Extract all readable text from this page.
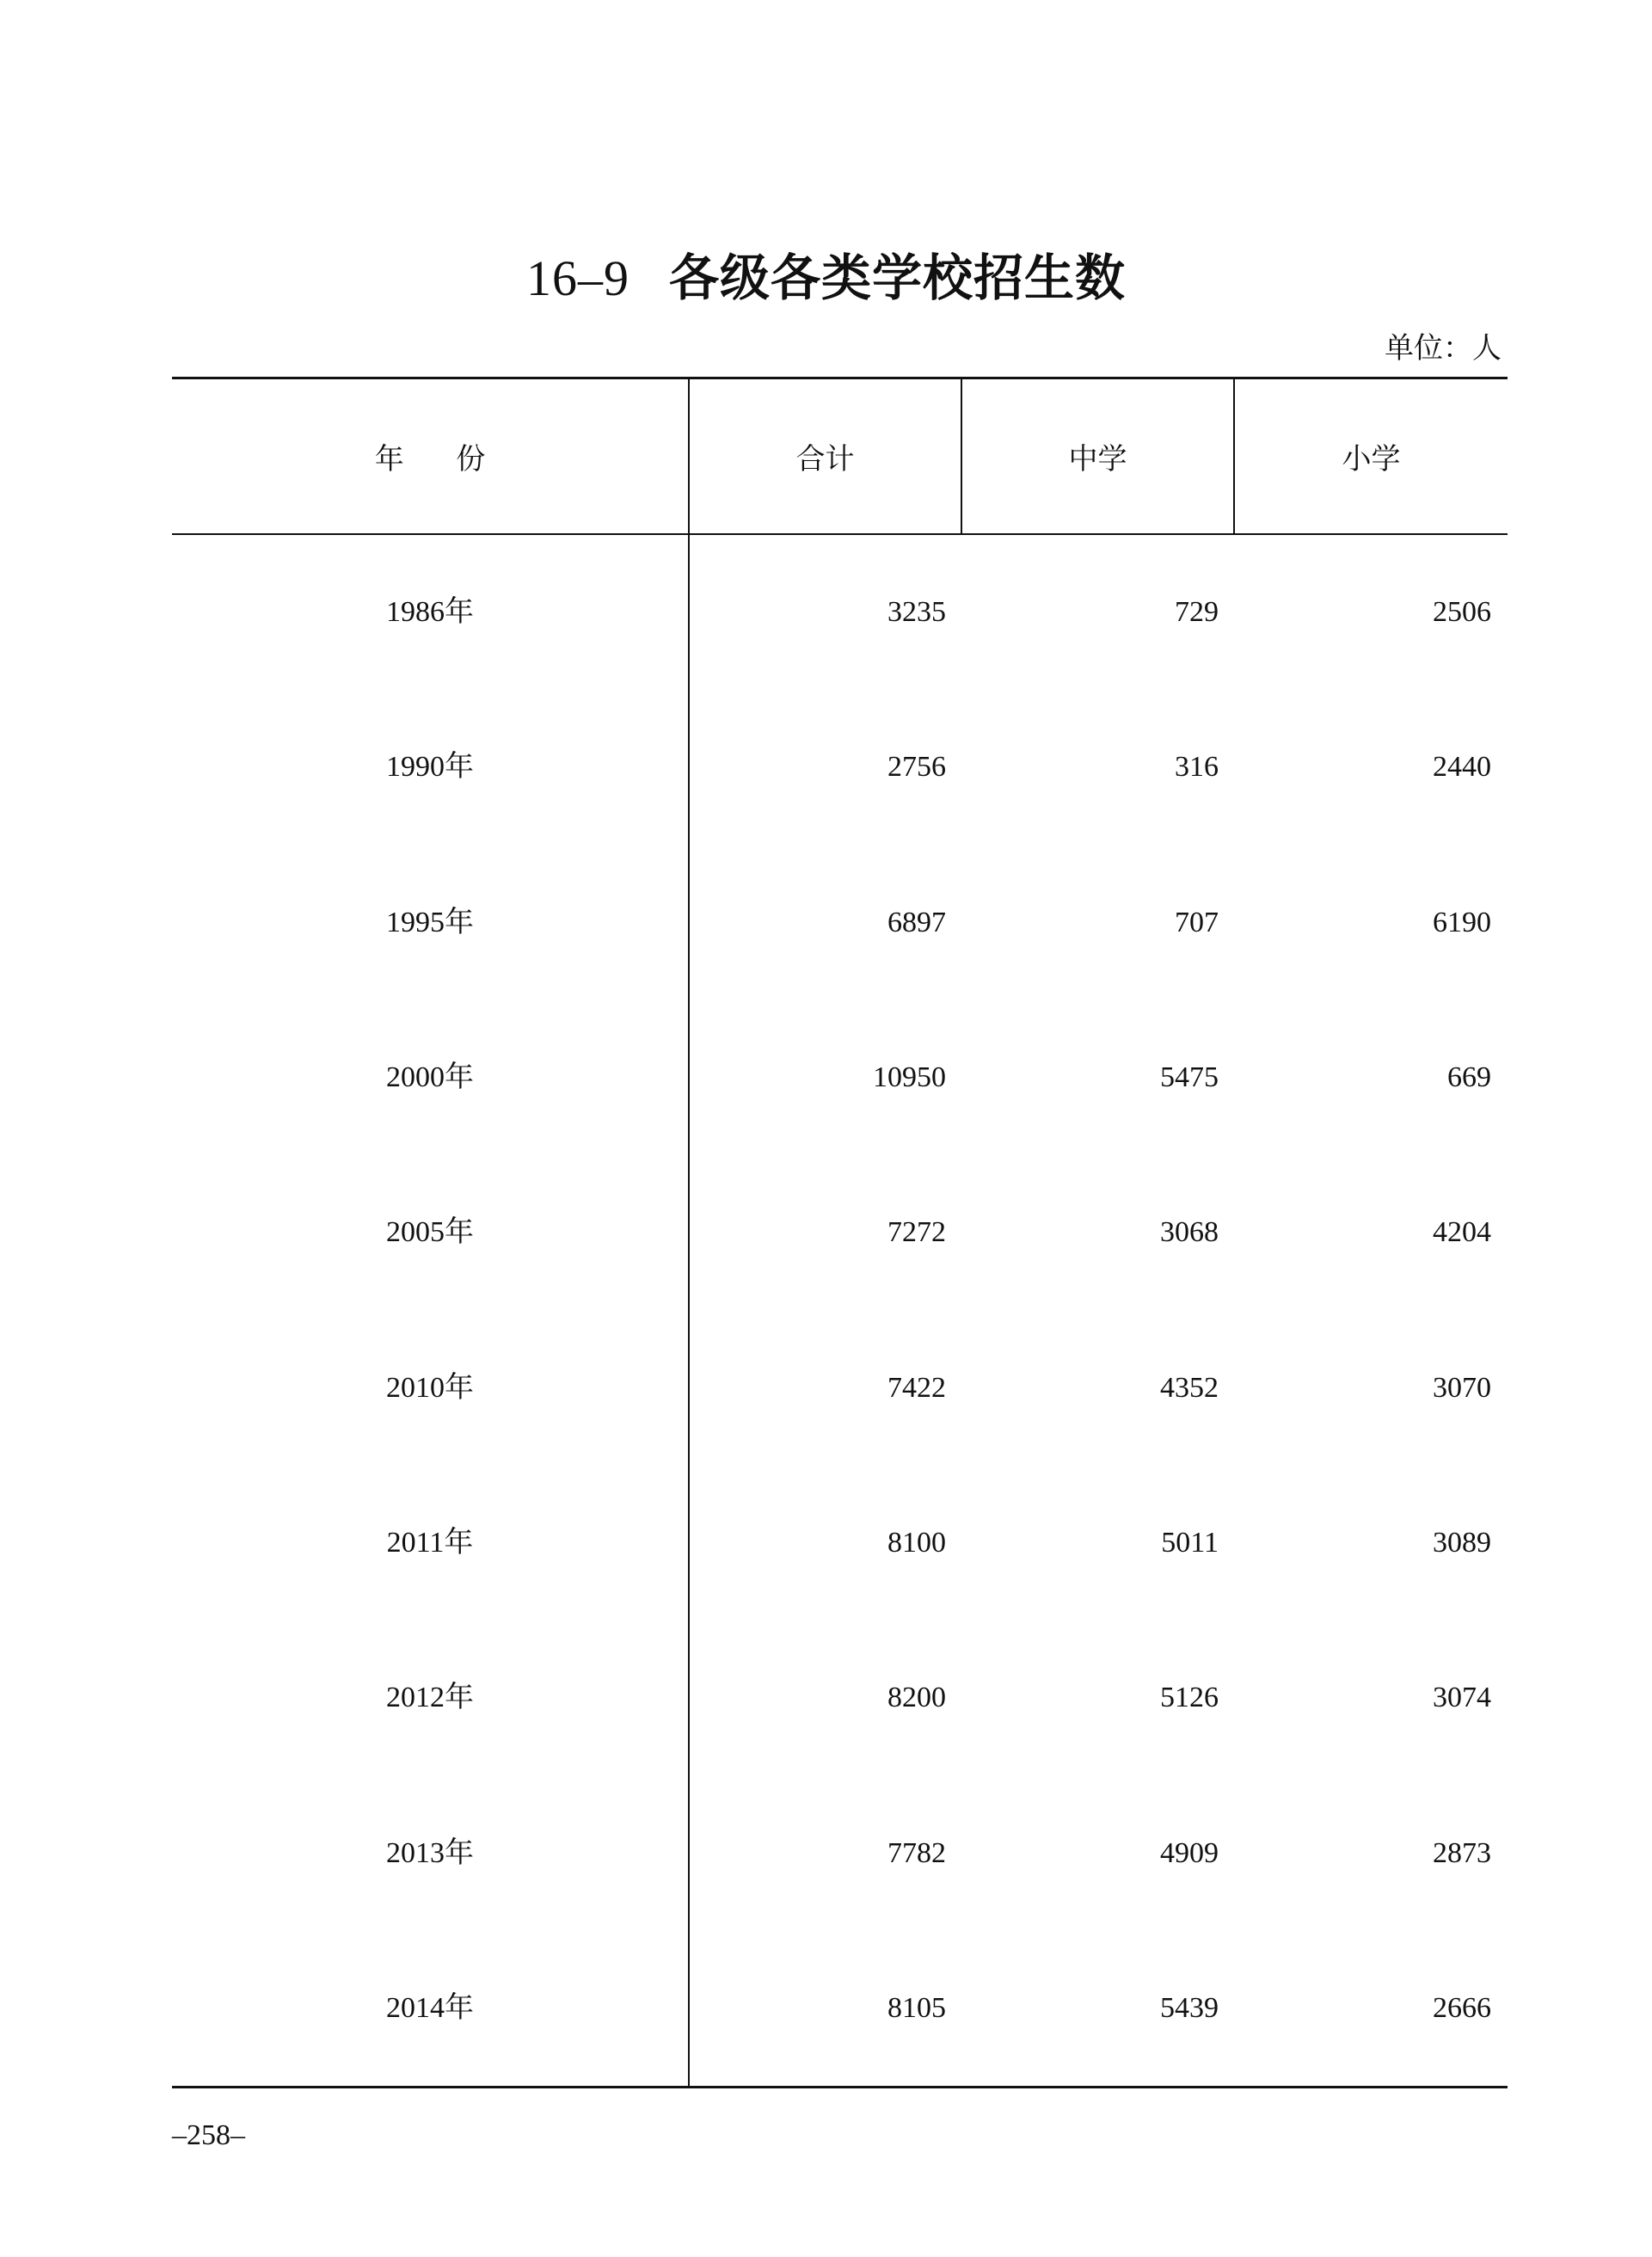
16–9 各级各类学校招生数
单位：人
年 份	合计	中学	小学
1986年	3235	729	2506
1990年	2756	316	2440
1995年	6897	707	6190
2000年	10950	5475	669
2005年	7272	3068	4204
2010年	7422	4352	3070
2011年	8100	5011	3089
2012年	8200	5126	3074
2013年	7782	4909	2873
2014年	8105	5439	2666
–258–
